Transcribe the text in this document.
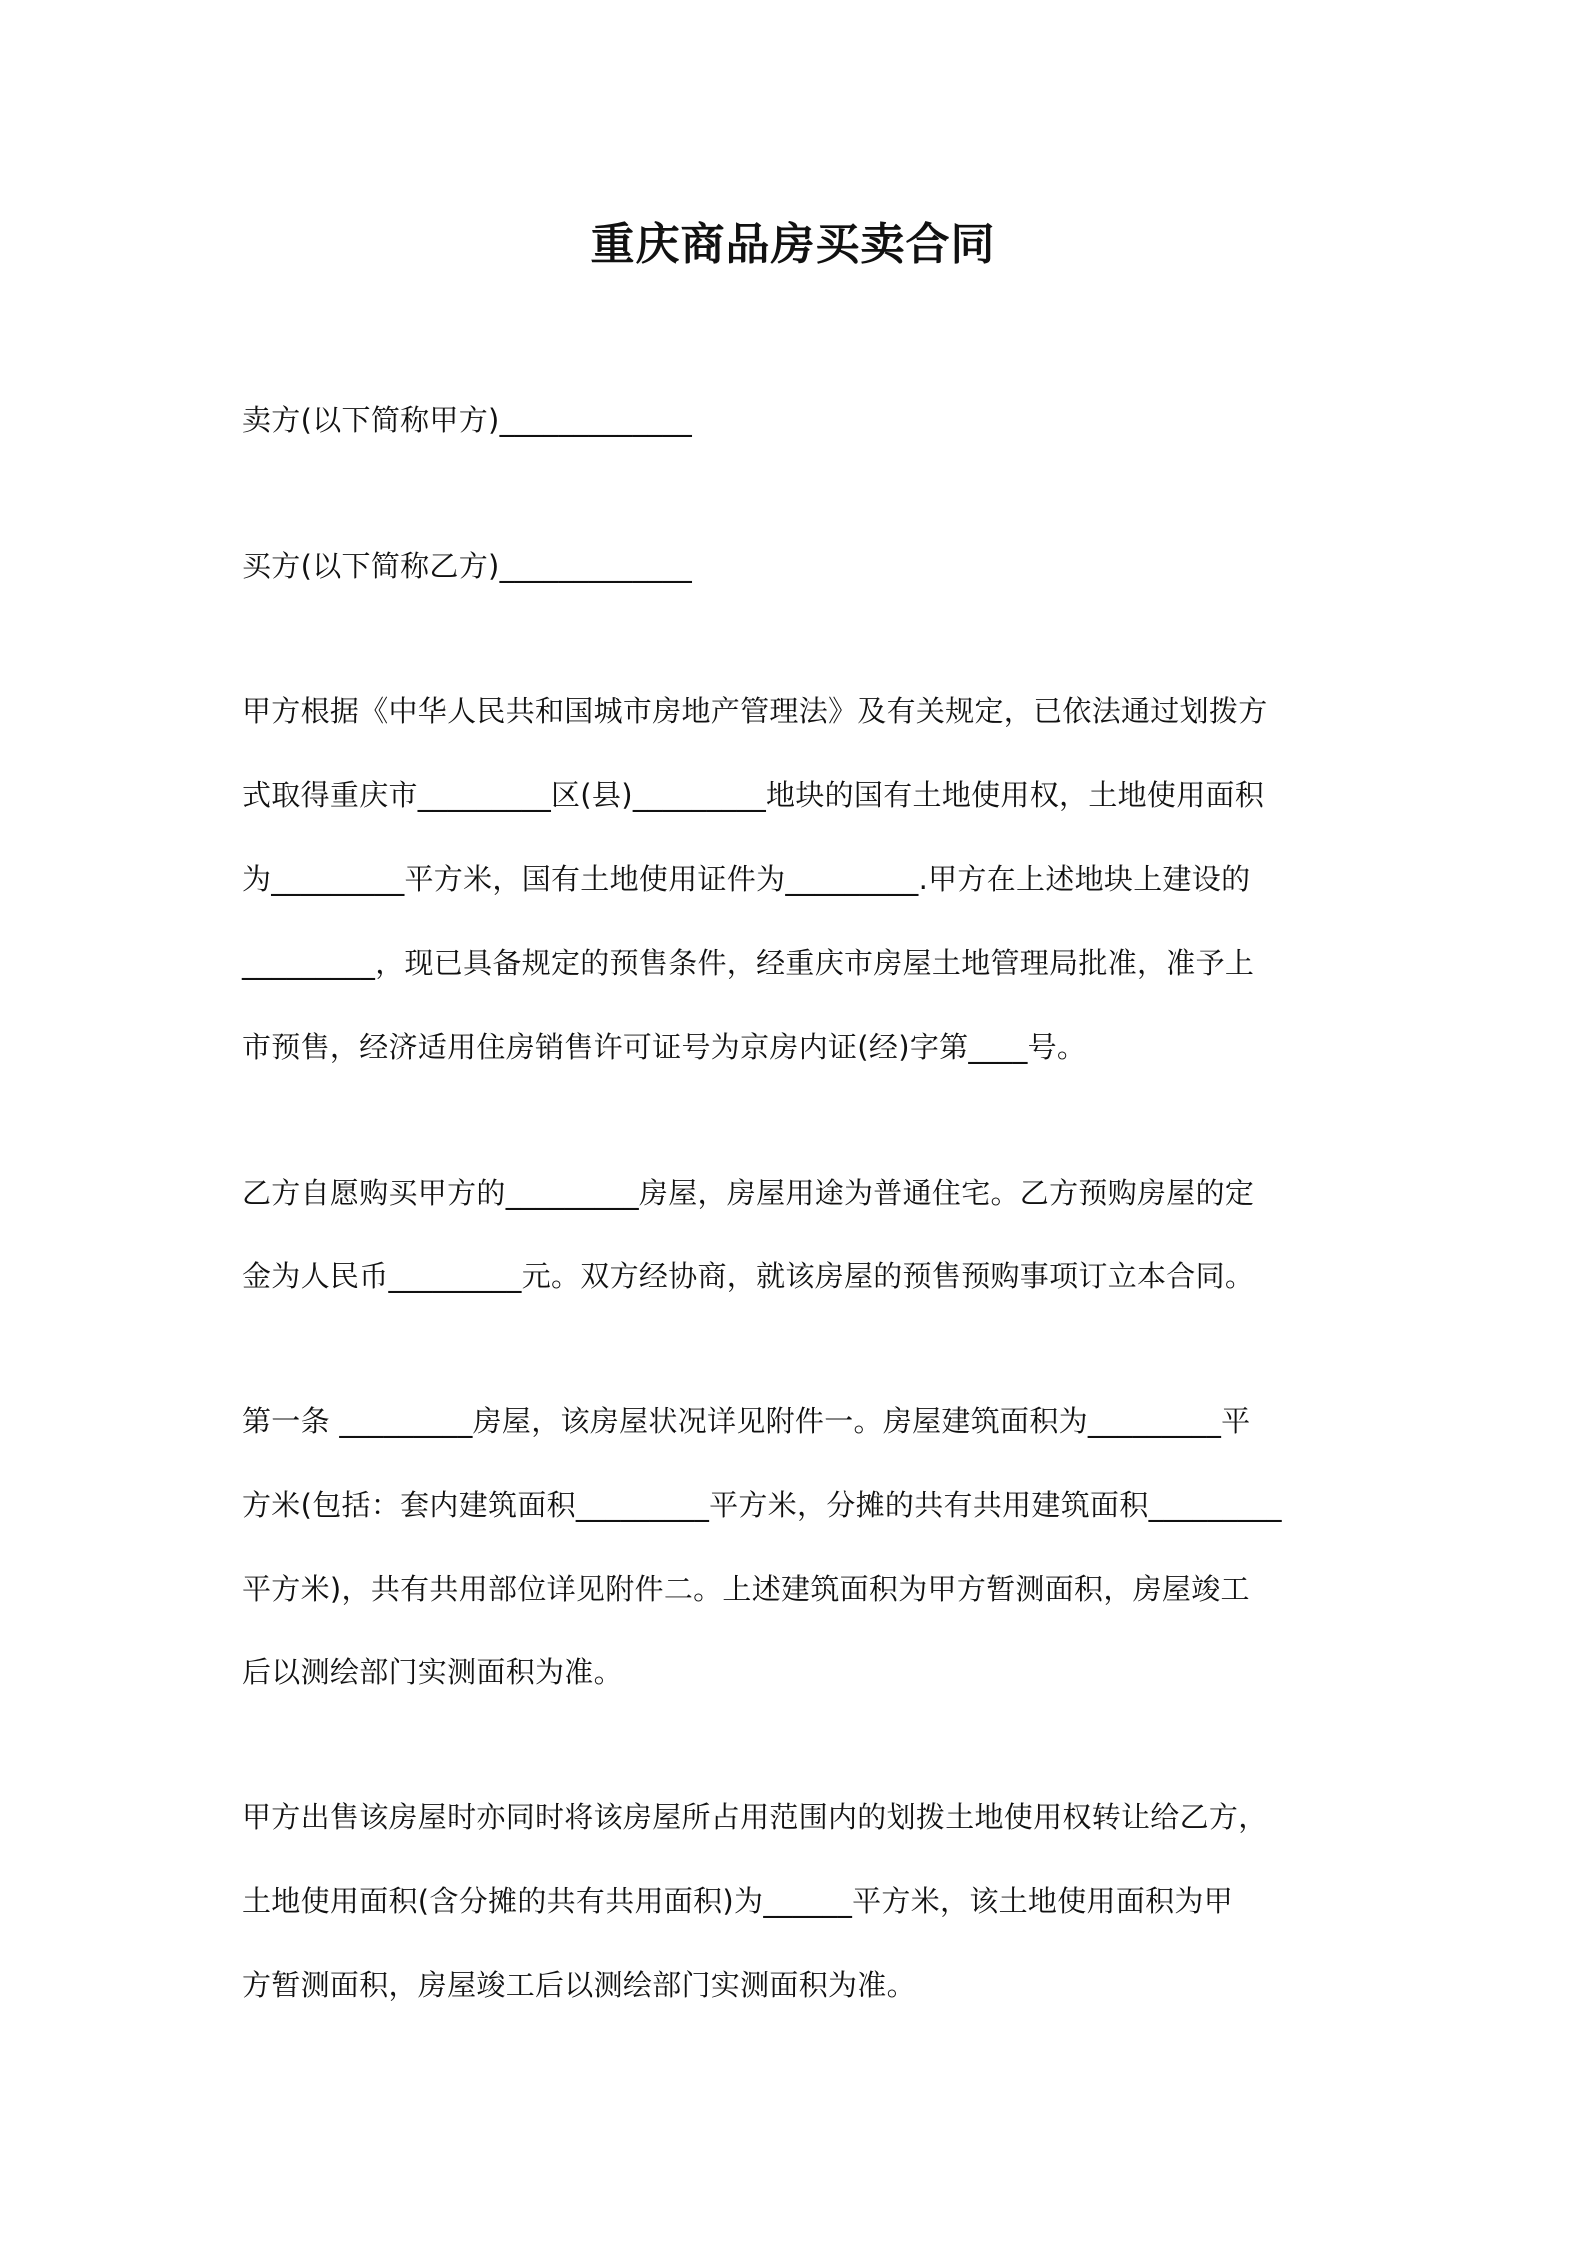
重庆商品房买卖合同
卖方(以下简称甲方)_____________
买方(以下简称乙方)_____________
甲方根据《中华人民共和国城市房地产管理法》及有关规定，已依法通过划拨方
式取得重庆市_________区(县)_________地块的国有土地使用权，土地使用面积
为_________平方米，国有土地使用证件为_________.甲方在上述地块上建设的
_________，现已具备规定的预售条件，经重庆市房屋土地管理局批准，准予上
市预售，经济适用住房销售许可证号为京房内证(经)字第____号。
乙方自愿购买甲方的_________房屋，房屋用途为普通住宅。乙方预购房屋的定
金为人民币_________元。双方经协商，就该房屋的预售预购事项订立本合同。
第一条 _________房屋，该房屋状况详见附件一。房屋建筑面积为_________平
方米(包括：套内建筑面积_________平方米，分摊的共有共用建筑面积_________
平方米)，共有共用部位详见附件二。上述建筑面积为甲方暂测面积，房屋竣工
后以测绘部门实测面积为准。
甲方出售该房屋时亦同时将该房屋所占用范围内的划拨土地使用权转让给乙方，
土地使用面积(含分摊的共有共用面积)为______平方米，该土地使用面积为甲
方暂测面积，房屋竣工后以测绘部门实测面积为准。
